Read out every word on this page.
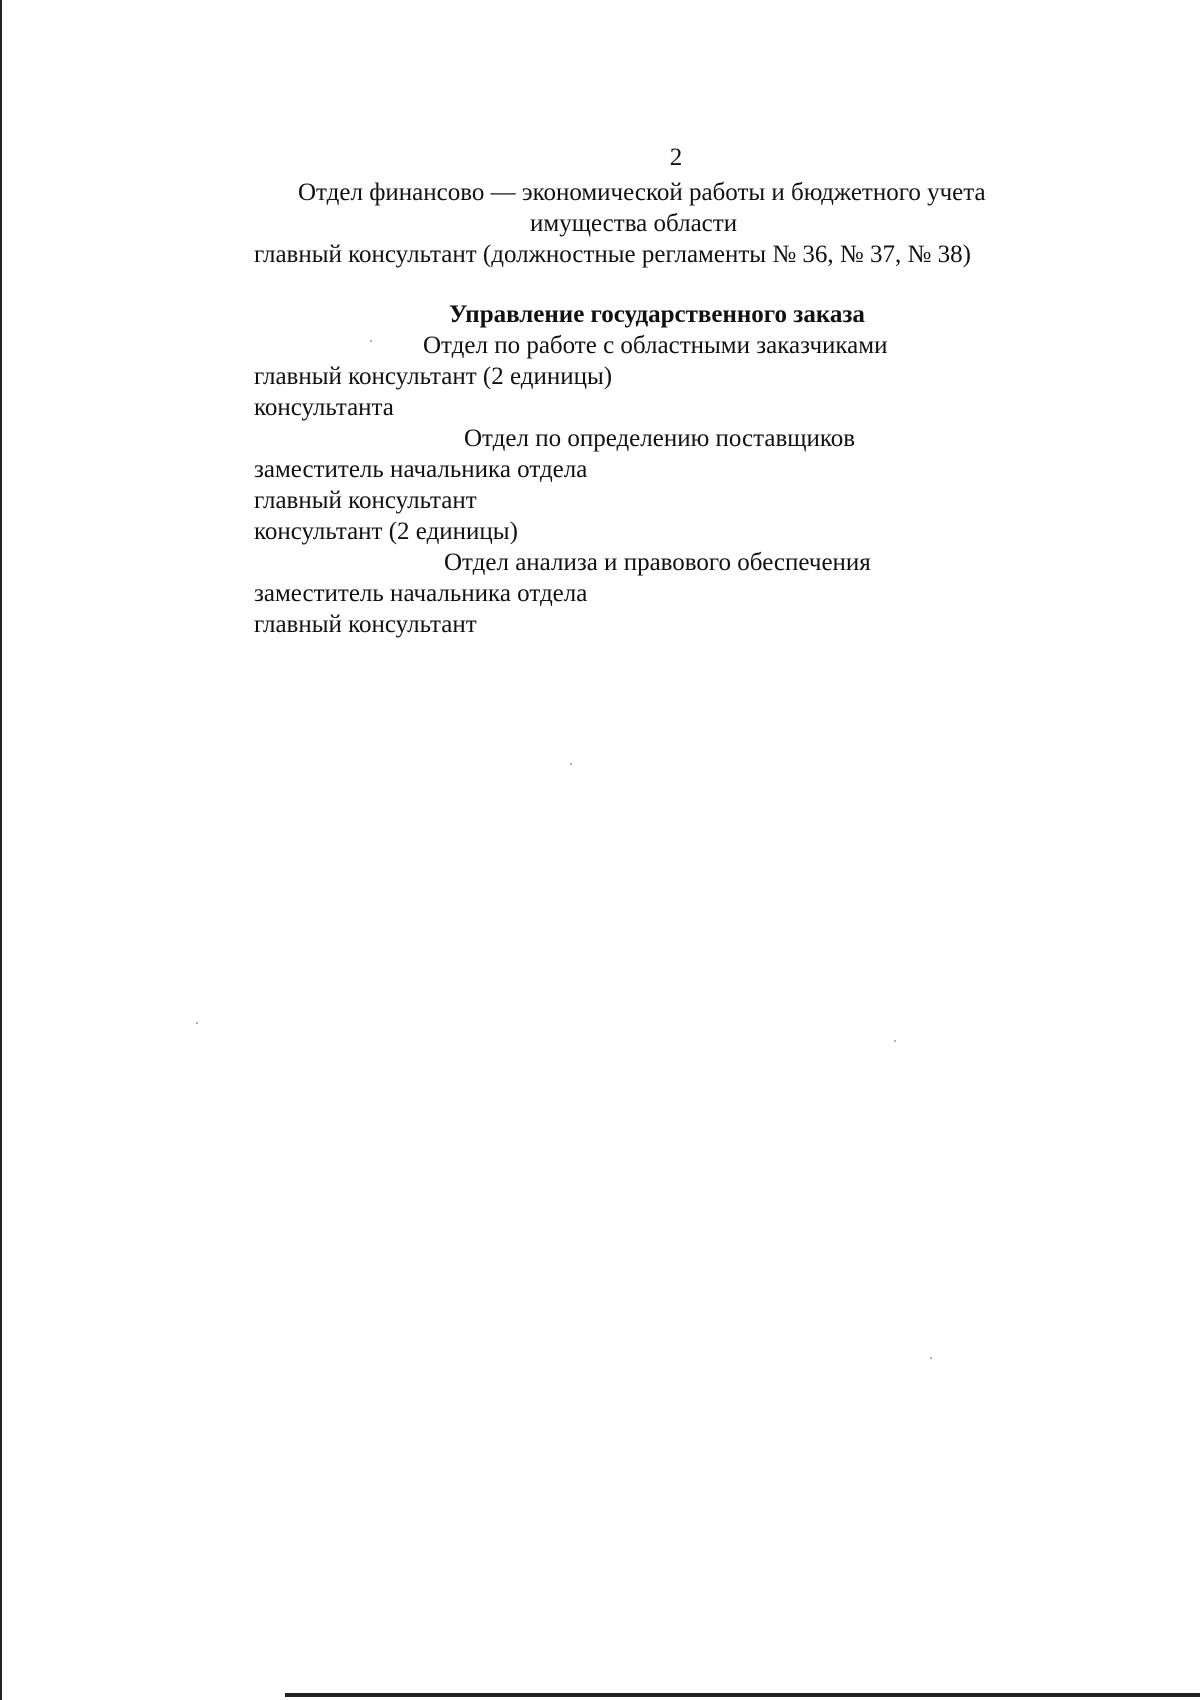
2
Отдел финансово — экономической работы и бюджетного учета
имущества области
главный консультант (должностные регламенты № 36, № 37, № 38)
Управление государственного заказа
Отдел по работе с областными заказчиками
главный консультант (2 единицы)
консультанта
Отдел по определению поставщиков
заместитель начальника отдела
главный консультант
консультант (2 единицы)
Отдел анализа и правового обеспечения
заместитель начальника отдела
главный консультант
